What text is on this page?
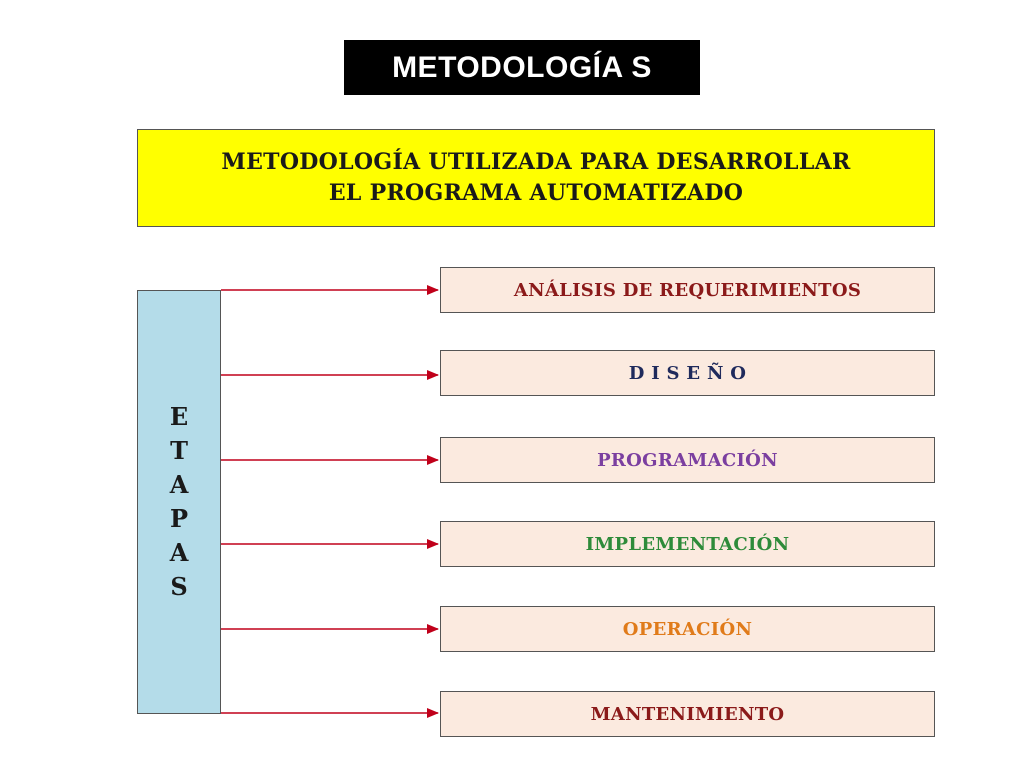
METODOLOGÍA S
METODOLOGÍA UTILIZADA PARA DESARROLLAR
EL PROGRAMA AUTOMATIZADO
E
T
A
P
A
S
ANÁLISIS DE REQUERIMIENTOS
D I S E Ñ O
PROGRAMACIÓN
IMPLEMENTACIÓN
OPERACIÓN
MANTENIMIENTO
